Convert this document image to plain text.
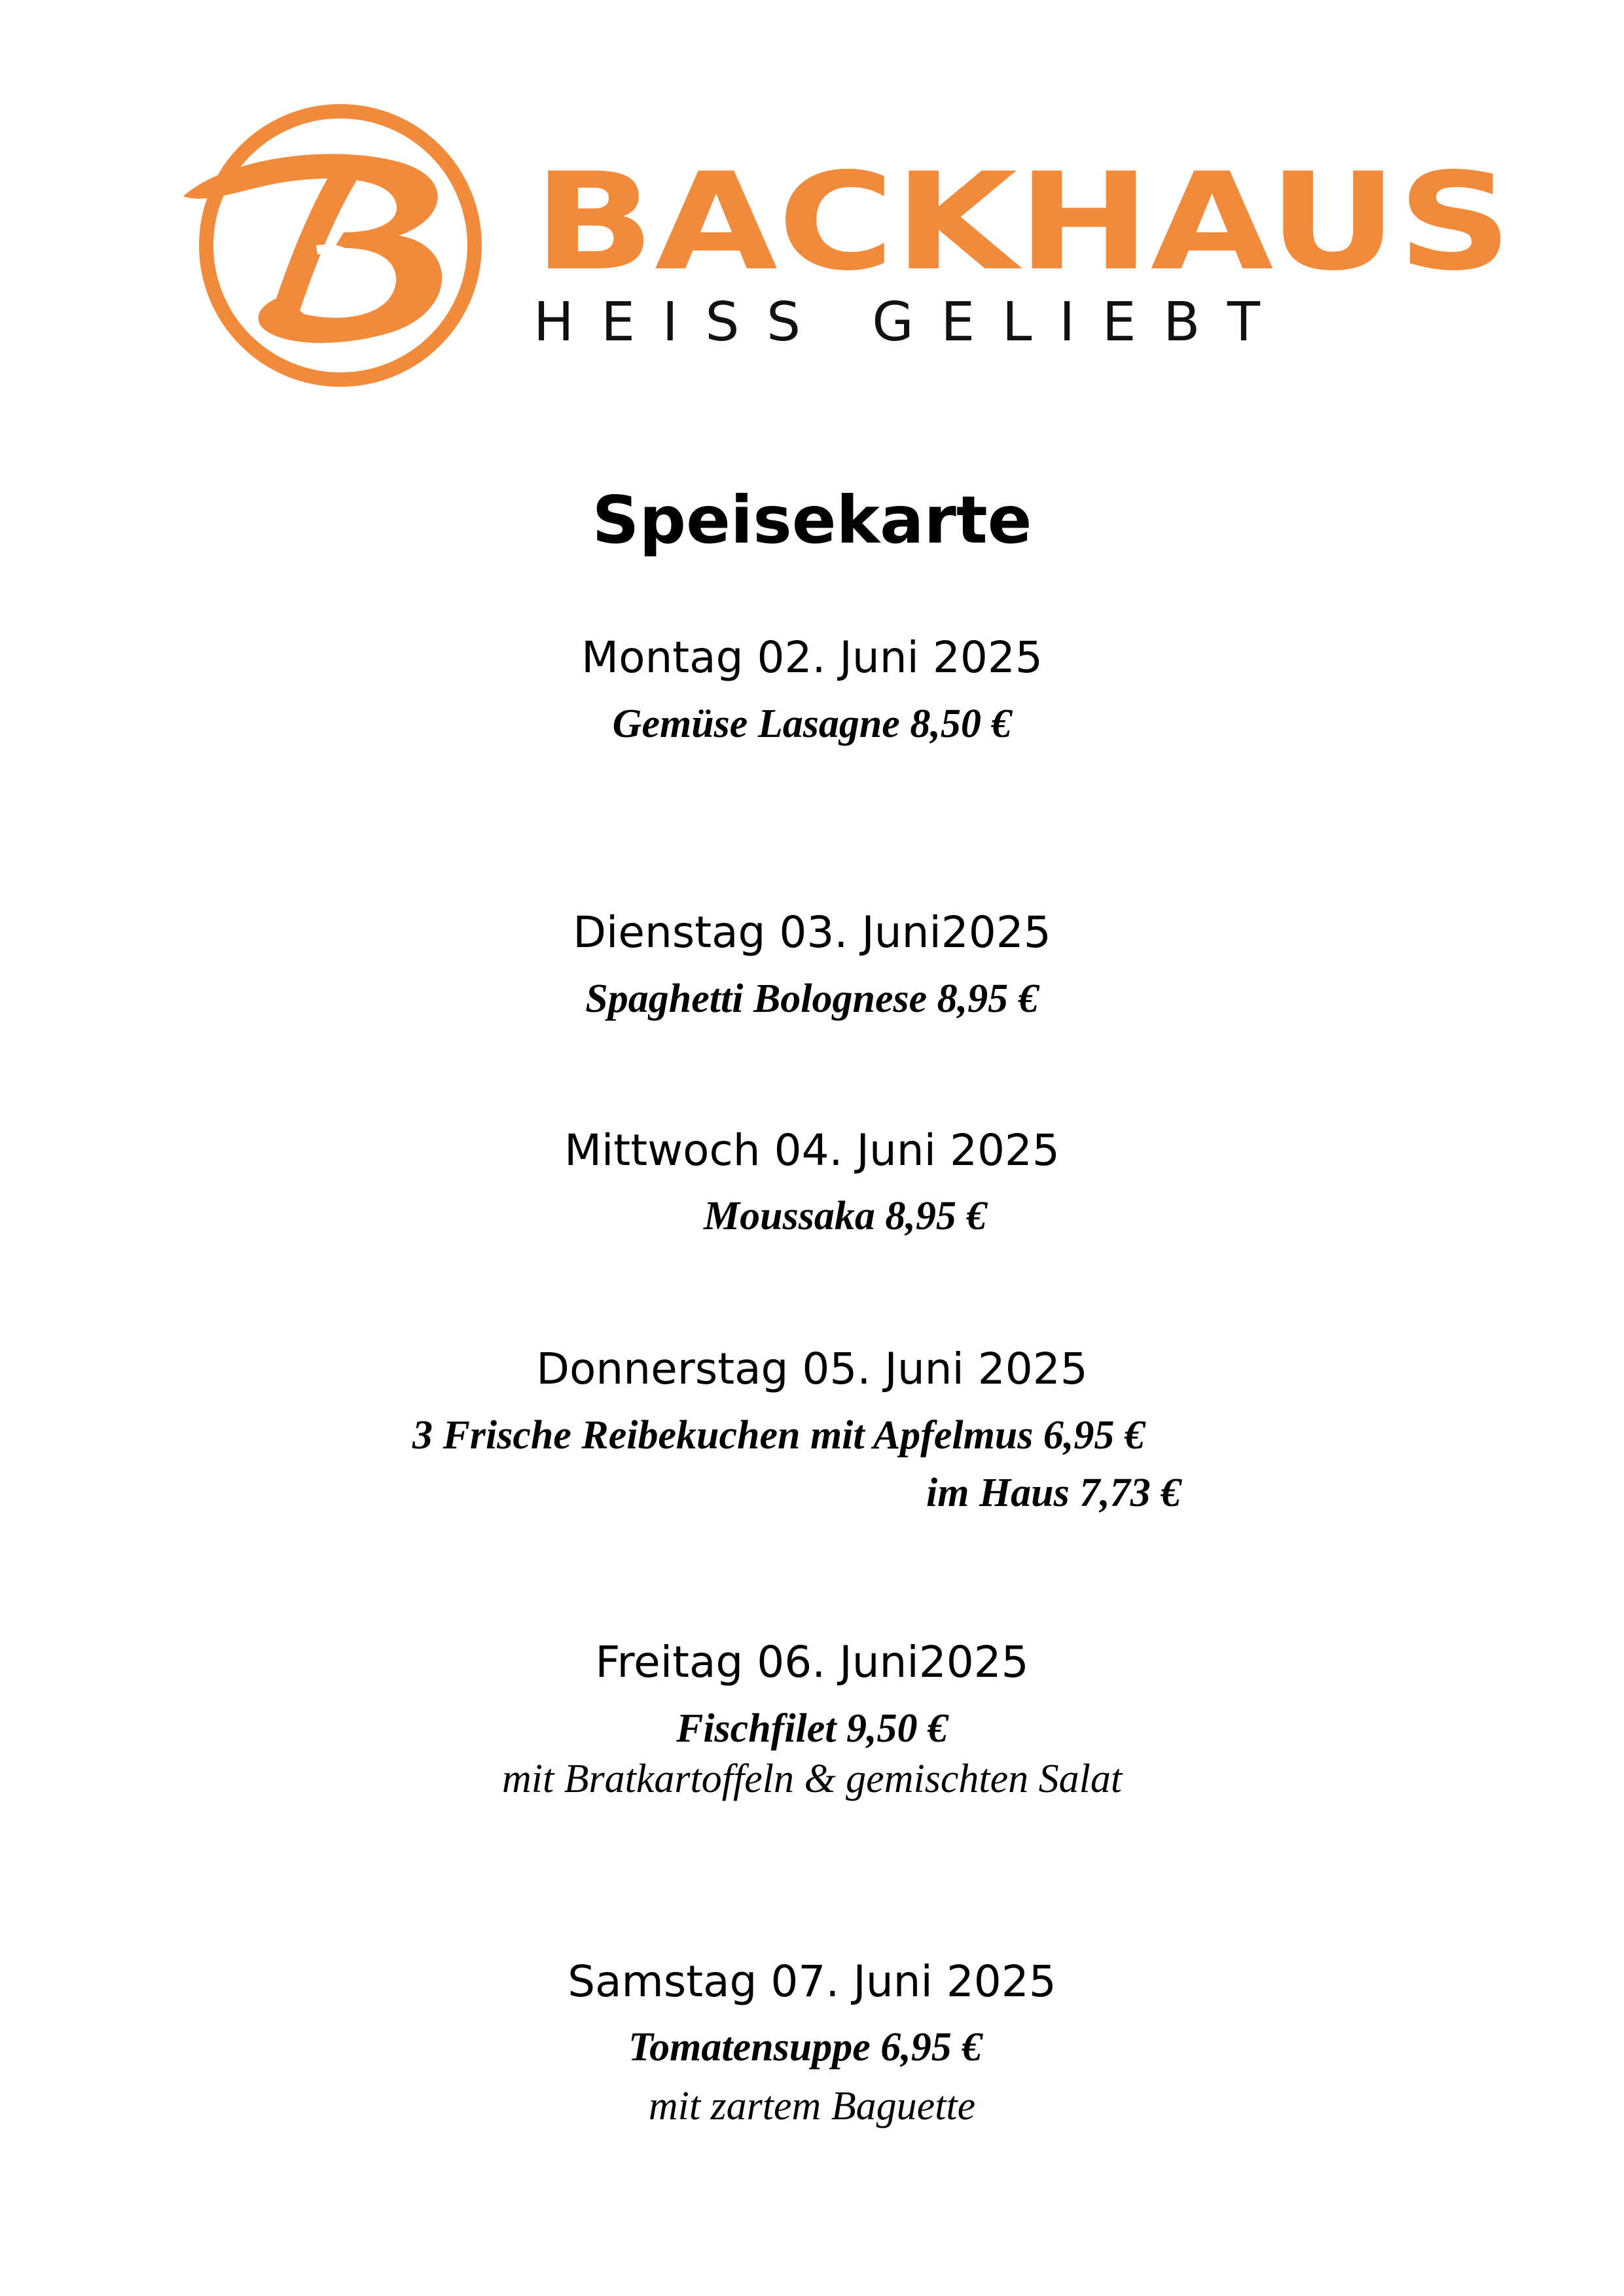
BACKHAUS
HEISS GELIEBT
Speisekarte
Montag 02. Juni 2025
Gemüse Lasagne 8,50 €
Dienstag 03. Juni2025
Spaghetti Bolognese 8,95 €
Mittwoch 04. Juni 2025
Moussaka 8,95 €
Donnerstag 05. Juni 2025
3 Frische Reibekuchen mit Apfelmus 6,95 €
im Haus 7,73 €
Freitag 06. Juni2025
Fischfilet 9,50 €
mit Bratkartoffeln & gemischten Salat
Samstag 07. Juni 2025
Tomatensuppe 6,95 €
mit zartem Baguette
